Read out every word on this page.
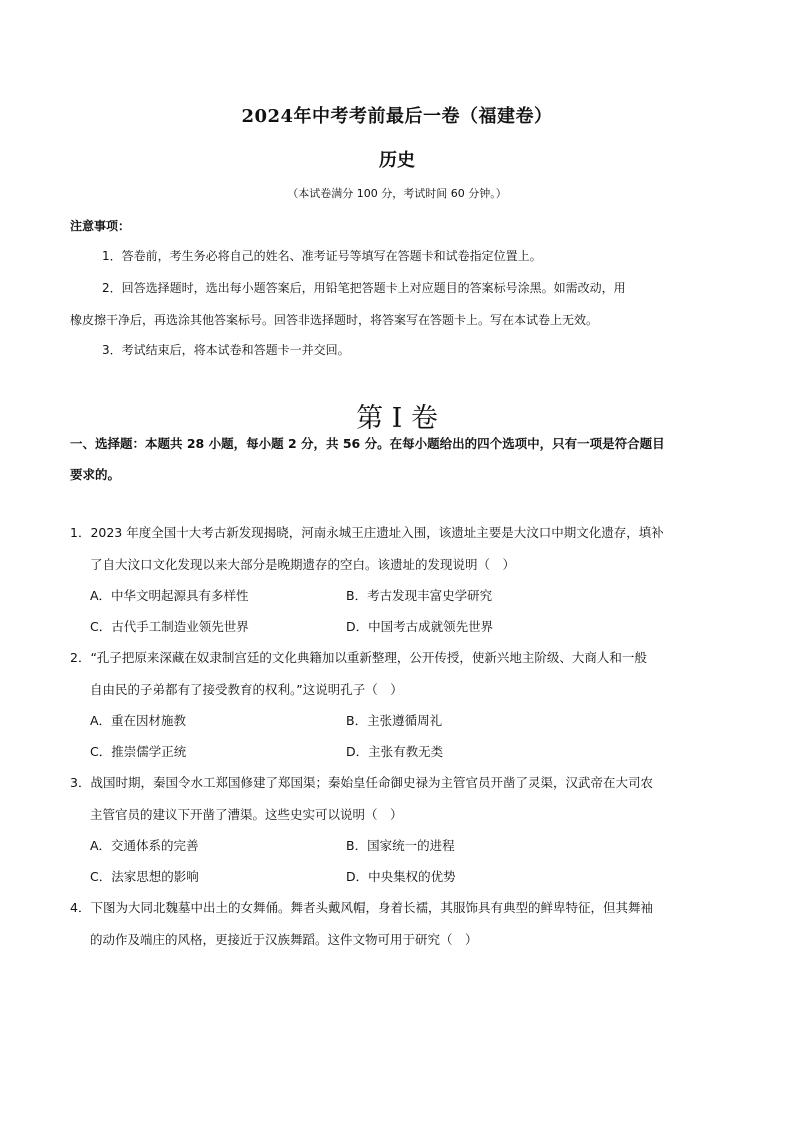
2024年中考考前最后一卷（福建卷）
历史
（本试卷满分 100 分，考试时间 60 分钟。）
注意事项：
1．答卷前，考生务必将自己的姓名、准考证号等填写在答题卡和试卷指定位置上。
2．回答选择题时，选出每小题答案后，用铅笔把答题卡上对应题目的答案标号涂黑。如需改动，用
橡皮擦干净后，再选涂其他答案标号。回答非选择题时，将答案写在答题卡上。写在本试卷上无效。
3．考试结束后，将本试卷和答题卡一并交回。
第 I 卷
一、选择题：本题共 28 小题，每小题 2 分，共 56 分。在每小题给出的四个选项中，只有一项是符合题目
要求的。
1．2023 年度全国十大考古新发现揭晓，河南永城王庄遗址入围，该遗址主要是大汶口中期文化遗存，填补
了自大汶口文化发现以来大部分是晚期遗存的空白。该遗址的发现说明（　）
A．中华文明起源具有多样性	B．考古发现丰富史学研究
C．古代手工制造业领先世界	D．中国考古成就领先世界
2．“孔子把原来深藏在奴隶制宫廷的文化典籍加以重新整理，公开传授，使新兴地主阶级、大商人和一般
自由民的子弟都有了接受教育的权利。”这说明孔子（　）
A．重在因材施教	B．主张遵循周礼
C．推崇儒学正统	D．主张有教无类
3．战国时期，秦国令水工郑国修建了郑国渠；秦始皇任命御史禄为主管官员开凿了灵渠，汉武帝在大司农
主管官员的建议下开凿了漕渠。这些史实可以说明（　）
A．交通体系的完善	B．国家统一的进程
C．法家思想的影响	D．中央集权的优势
4．下图为大同北魏墓中出土的女舞俑。舞者头戴风帽，身着长襦，其服饰具有典型的鲜卑特征，但其舞袖
的动作及端庄的风格，更接近于汉族舞蹈。这件文物可用于研究（　）
